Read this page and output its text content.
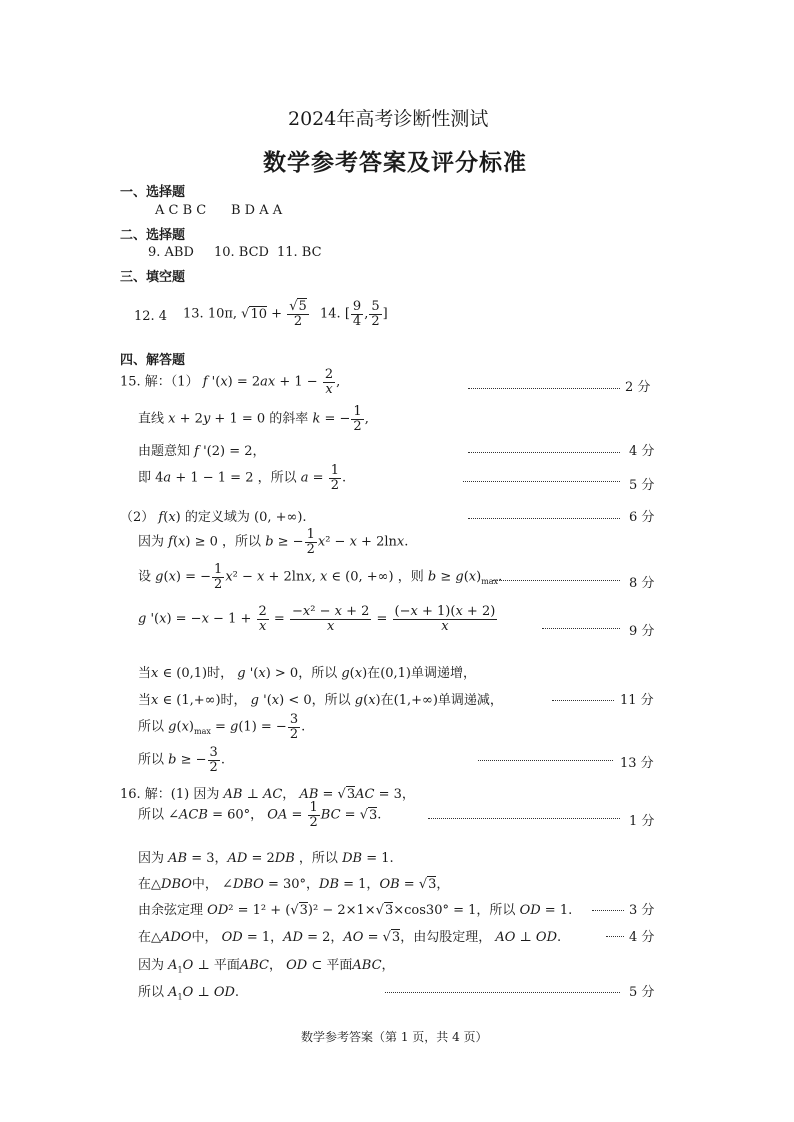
2024年高考诊断性测试
数学参考答案及评分标准
一、选择题
A C B C B D A A
二、选择题
9. ABD 10. BCD 11. BC
三、填空题
12. 4 13. 10π, $√10 + \frac{√5}{2} 14$. [ $\frac{9}{4}$ , $\frac{5}{2}$ ]
四、解答题
15. 解：（1） f '$(x) = 2ax + 1 - \frac{2}{x}$ ,	2 分
直线 x + 2y + 1 = 0 的斜率 k = − $\frac{1}{2}$ ,
由题意知 f '(2) = 2，	4 分
即 4a + 1 − 1 = 2 ，所以 $a = \frac{1}{2}$ .	5 分
（2） f(x) 的定义域为 (0, +∞).	6 分
因为 f(x) ≥ 0 ，所以 b ≥ − $\frac{1}{2} x^2 - x + 2\ln x$.
设 g(x) = − $\frac{1}{2} x^2 - x + 2\ln x$, x ∈ (0, +∞) ，则 $b \ge g(x)_{max}$.	8 分
g '$(x) = -x - 1 + \frac{2}{x} = \frac{\text{−x² − x + 2}}{x} = \frac{(-x + 1)(x + 2)}{x}$	9 分
当x ∈ (0,1)时， g '(x) > 0，所以 g(x)在(0,1)单调递增，
当x ∈ (1,+∞)时， g '(x) < 0，所以 g(x)在(1,+∞)单调递减，	11 分
所以 $g(x)_{max} = g(1)$ = − $\frac{3}{2}$ .
所以 b ≥ − $\frac{3}{2}$ .	13 分
16. 解：(1) 因为 AB ⊥ AC， AB = √3AC = 3，
所以 ∠ACB = 60°， OA = $\frac{1}{2}$ BC = √3.	1 分
因为 AB = 3，AD = 2DB ，所以 DB = 1.
在△DBO中， ∠DBO = 30°，DB = 1，OB = √3，
由余弦定理 OD² = 1² + (√3)² − 2×1×√3×cos30° = 1，所以 OD = 1.	3 分
在△ADO中， OD = 1，AD = 2，AO = √3，由勾股定理， AO ⊥ OD.	4 分
因为 $A_1O$ ⊥ 平面ABC， OD ⊂ 平面ABC，
所以 $A_1O$ ⊥ OD.	5 分
数学参考答案（第 1 页，共 4 页）
